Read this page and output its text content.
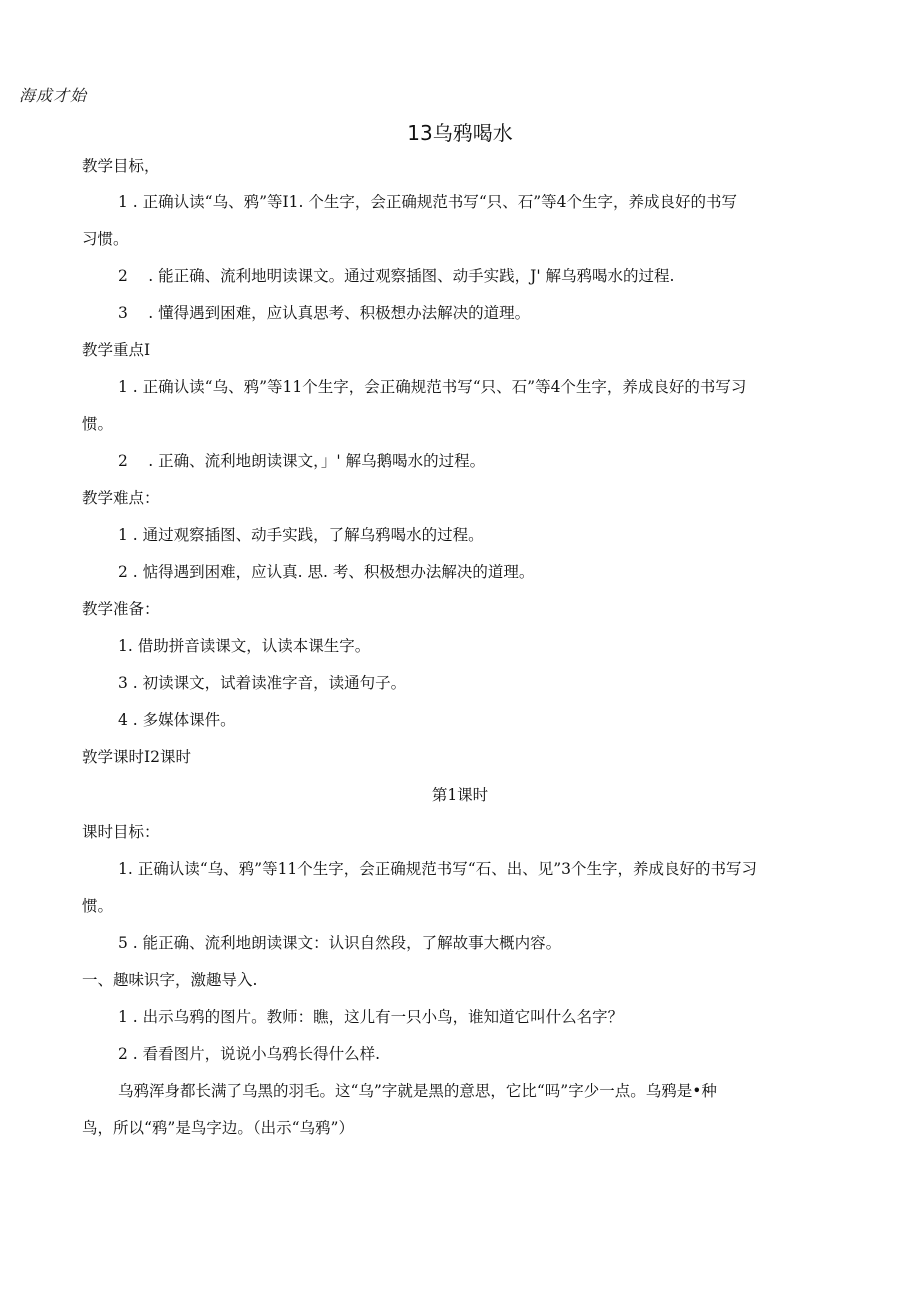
海成才始
13乌鸦喝水
教学目标，
1 . 正确认读“乌、鸦”等I1. 个生字，会正确规范书写“只、石”等4个生字，养成良好的书写
习惯。
2 　. 能正确、流利地明读课文。通过观察插图、动手实践，J' 解乌鸦喝水的过程.
3 　. 懂得遇到困难，应认真思考、积极想办法解决的道理。
教学重点I
1 . 正确认读“乌、鸦”等11个生字，会正确规范书写“只、石”等4个生字，养成良好的书写习
惯。
2 　. 正确、流利地朗读课文，」' 解乌鹅喝水的过程。
教学难点：
1 . 通过观察插图、动手实践，了解乌鸦喝水的过程。
2 . 惦得遇到困难，应认真. 思. 考、积极想办法解决的道理。
教学准备：
1. 借助拼音读课文，认读本课生字。
3 . 初读课文，试着读准字音，读通句子。
4 . 多媒体课件。
敦学课时I2课时
第1课时
课时目标：
1. 正确认读“乌、鸦”等11个生字，会正确规范书写“石、出、见”3个生字，养成良好的书写习
惯。
5 . 能正确、流利地朗读课文：认识自然段，了解故事大概内容。
一、趣味识字，激趣导入.
1 . 出示乌鸦的图片。教师：瞧，这儿有一只小鸟，谁知道它叫什么名字？
2 . 看看图片，说说小乌鸦长得什么样.
乌鸦浑身都长满了乌黑的羽毛。这“乌”字就是黑的意思，它比“吗”字少一点。乌鸦是•种
鸟，所以“鸦”是鸟字边。（出示“乌鸦”）
